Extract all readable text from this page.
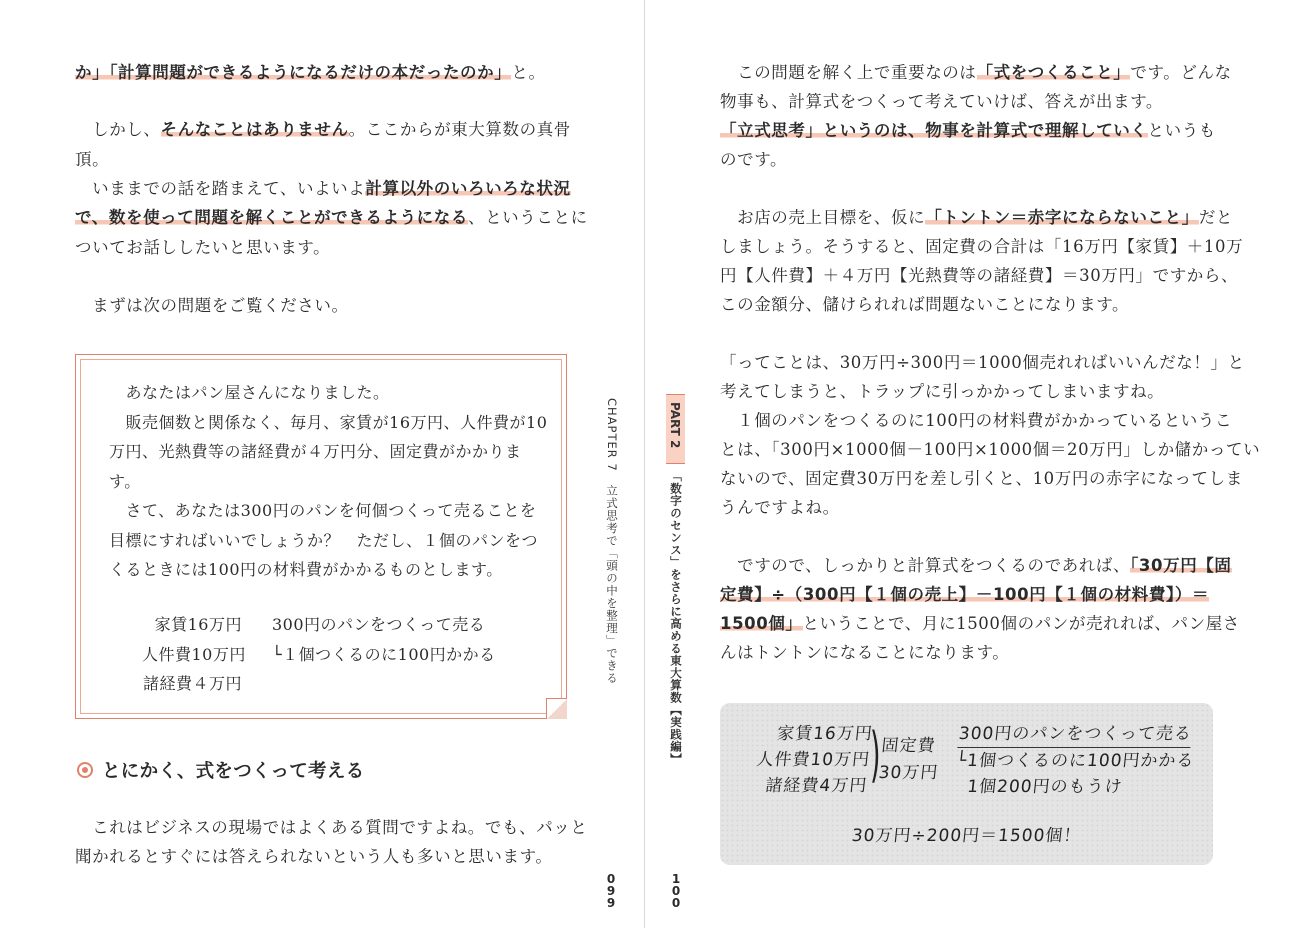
か」「計算問題ができるようになるだけの本だったのか」と。
　しかし、そんなことはありません。ここからが東大算数の真骨
頂。
　いままでの話を踏まえて、いよいよ計算以外のいろいろな状況
で、数を使って問題を解くことができるようになる、ということに
ついてお話ししたいと思います。
　まずは次の問題をご覧ください。
　あなたはパン屋さんになりました。
　販売個数と関係なく、毎月、家賃が16万円、人件費が10
万円、光熱費等の諸経費が４万円分、固定費がかかりま
す。
　さて、あなたは300円のパンを何個つくって売ることを
目標にすればいいでしょうか？　ただし、１個のパンをつ
くるときには100円の材料費がかかるものとします。
家賃16万円
人件費10万円
諸経費４万円
300円のパンをつくって売る
└１個つくるのに100円かかる
とにかく、式をつくって考える
　これはビジネスの現場ではよくある質問ですよね。でも、パッと
聞かれるとすぐには答えられないという人も多いと思います。
CHAPTER 7　立式思考で「頭の中を整理」できる
0
9
9
PART 2
「数字のセンス」をさらに高める東大算数【実践編】
1
0
0
　この問題を解く上で重要なのは「式をつくること」です。どんな
物事も、計算式をつくって考えていけば、答えが出ます。
「立式思考」というのは、物事を計算式で理解していくというも
のです。
　お店の売上目標を、仮に「トントン＝赤字にならないこと」だと
しましょう。そうすると、固定費の合計は「16万円【家賃】＋10万
円【人件費】＋４万円【光熱費等の諸経費】＝30万円」ですから、
この金額分、儲けられれば問題ないことになります。
「ってことは、30万円÷300円＝1000個売れればいいんだな！」と
考えてしまうと、トラップに引っかかってしまいますね。
　１個のパンをつくるのに100円の材料費がかかっているというこ
とは、「300円×1000個－100円×1000個＝20万円」しか儲かってい
ないので、固定費30万円を差し引くと、10万円の赤字になってしま
うんですよね。
　ですので、しっかりと計算式をつくるのであれば、「30万円【固
定費】÷（300円【１個の売上】－100円【１個の材料費】）＝
1500個」ということで、月に1500個のパンが売れれば、パン屋さ
んはトントンになることになります。
家賃16万円
人件費10万円
諸経費4万円 ) 固定費
30万円
300円のパンをつくって売る
└1個つくるのに100円かかる
1個200円のもうけ
30万円÷200円＝1500個！
